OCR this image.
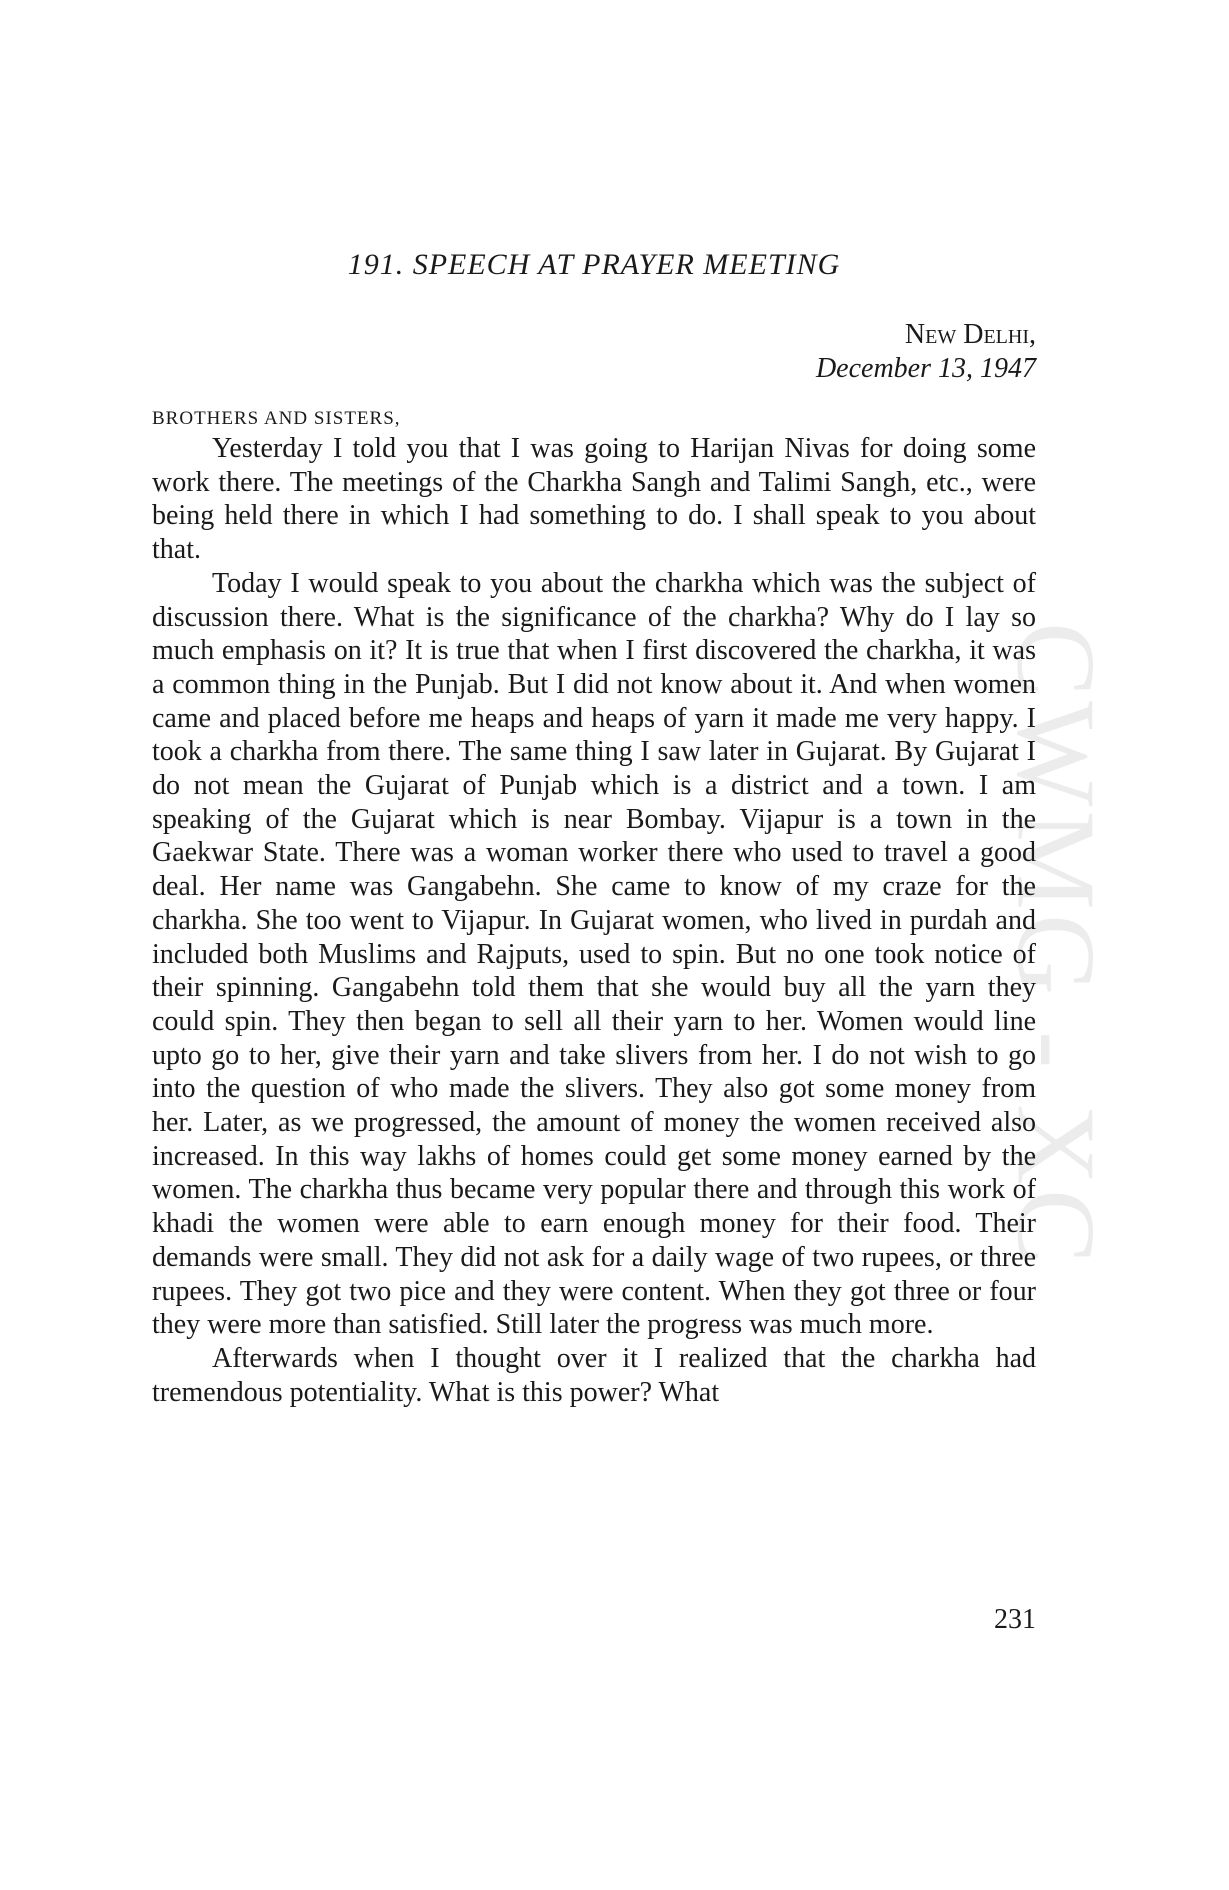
CWMG - XC
191. SPEECH AT PRAYER MEETING
New Delhi,
December 13, 1947
BROTHERS AND SISTERS,

Yesterday I told you that I was going to Harijan Nivas for doing some work there. The meetings of the Charkha Sangh and Talimi Sangh, etc., were being held there in which I had something to do. I shall speak to you about that.

Today I would speak to you about the charkha which was the subject of discussion there. What is the significance of the charkha? Why do I lay so much emphasis on it? It is true that when I first discovered the charkha, it was a common thing in the Punjab. But I did not know about it. And when women came and placed before me heaps and heaps of yarn it made me very happy. I took a charkha from there. The same thing I saw later in Gujarat. By Gujarat I do not mean the Gujarat of Punjab which is a district and a town. I am speaking of the Gujarat which is near Bombay. Vijapur is a town in the Gaekwar State. There was a woman worker there who used to travel a good deal. Her name was Gangabehn. She came to know of my craze for the charkha. She too went to Vijapur. In Gujarat women, who lived in purdah and included both Muslims and Rajputs, used to spin. But no one took notice of their spinning. Gangabehn told them that she would buy all the yarn they could spin. They then began to sell all their yarn to her. Women would line upto go to her, give their yarn and take slivers from her. I do not wish to go into the question of who made the slivers. They also got some money from her. Later, as we progressed, the amount of money the women received also increased. In this way lakhs of homes could get some money earned by the women. The charkha thus became very popular there and through this work of khadi the women were able to earn enough money for their food. Their demands were small. They did not ask for a daily wage of two rupees, or three rupees. They got two pice and they were content. When they got three or four they were more than satisfied. Still later the progress was much more.

Afterwards when I thought over it I realized that the charkha had tremendous potentiality. What is this power? What

231
